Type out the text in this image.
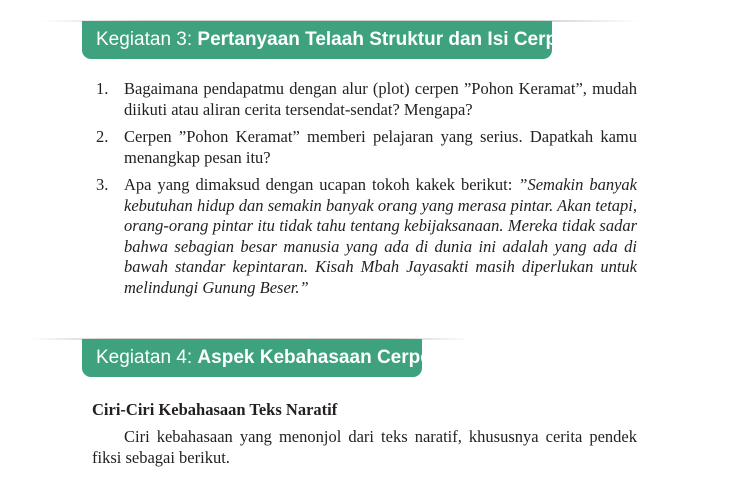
Kegiatan 3: Pertanyaan Telaah Struktur dan Isi Cerpen
1. Bagaimana pendapatmu dengan alur (plot) cerpen ”Pohon Keramat”, mudah diikuti atau aliran cerita tersendat-sendat? Mengapa?
2. Cerpen ”Pohon Keramat” memberi pelajaran yang serius. Dapatkah kamu menangkap pesan itu?
3. Apa yang dimaksud dengan ucapan tokoh kakek berikut: ”Semakin banyak kebutuhan hidup dan semakin banyak orang yang merasa pintar. Akan tetapi, orang-orang pintar itu tidak tahu tentang kebijaksanaan. Mereka tidak sadar bahwa sebagian besar manusia yang ada di dunia ini adalah yang ada di bawah standar kepintaran. Kisah Mbah Jayasakti masih diperlukan untuk melindungi Gunung Beser.”
Kegiatan 4: Aspek Kebahasaan Cerpen
Ciri-Ciri Kebahasaan Teks Naratif

Ciri kebahasaan yang menonjol dari teks naratif, khususnya cerita pendek fiksi sebagai berikut.
